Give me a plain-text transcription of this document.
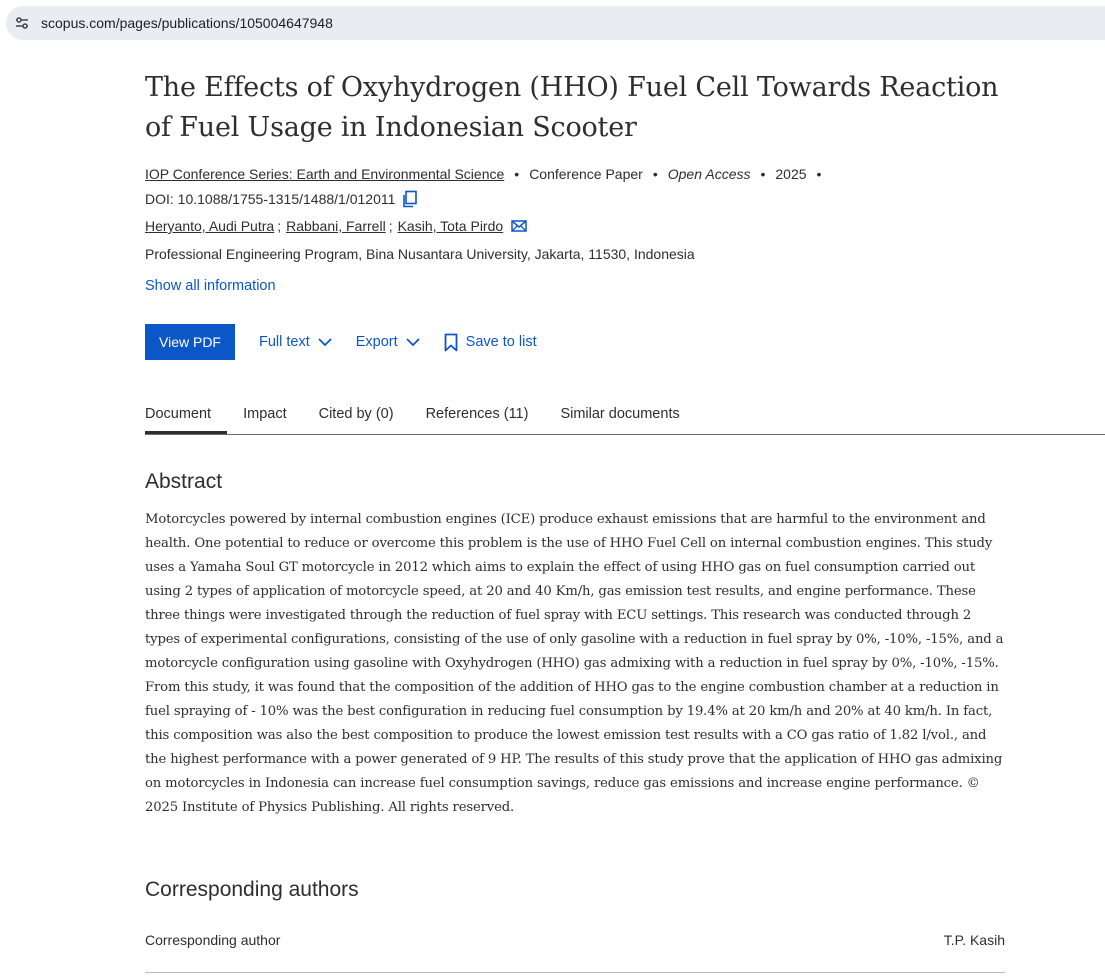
scopus.com/pages/publications/105004647948
The Effects of Oxyhydrogen (HHO) Fuel Cell Towards Reaction of Fuel Usage in Indonesian Scooter
IOP Conference Series: Earth and Environmental Science • Conference Paper • Open Access • 2025 •
DOI: 10.1088/1755-1315/1488/1/012011
Heryanto, Audi Putra ; Rabbani, Farrell ; Kasih, Tota Pirdo
Professional Engineering Program, Bina Nusantara University, Jakarta, 11530, Indonesia
Show all information
View PDF	Full text	Export	Save to list
Document	Impact Cited by (0) References (11) Similar documents
Abstract

Motorcycles powered by internal combustion engines (ICE) produce exhaust emissions that are harmful to the environment and health. One potential to reduce or overcome this problem is the use of HHO Fuel Cell on internal combustion engines. This study uses a Yamaha Soul GT motorcycle in 2012 which aims to explain the effect of using HHO gas on fuel consumption carried out using 2 types of application of motorcycle speed, at 20 and 40 Km/h, gas emission test results, and engine performance. These three things were investigated through the reduction of fuel spray with ECU settings. This research was conducted through 2 types of experimental configurations, consisting of the use of only gasoline with a reduction in fuel spray by 0%, -10%, -15%, and a motorcycle configuration using gasoline with Oxyhydrogen (HHO) gas admixing with a reduction in fuel spray by 0%, -10%, -15%. From this study, it was found that the composition of the addition of HHO gas to the engine combustion chamber at a reduction in fuel spraying of - 10% was the best configuration in reducing fuel consumption by 19.4% at 20 km/h and 20% at 40 km/h. In fact, this composition was also the best composition to produce the lowest emission test results with a CO gas ratio of 1.82 l/vol., and the highest performance with a power generated of 9 HP. The results of this study prove that the application of HHO gas admixing on motorcycles in Indonesia can increase fuel consumption savings, reduce gas emissions and increase engine performance. © 2025 Institute of Physics Publishing. All rights reserved.

Corresponding authors
Corresponding author	T.P. Kasih
